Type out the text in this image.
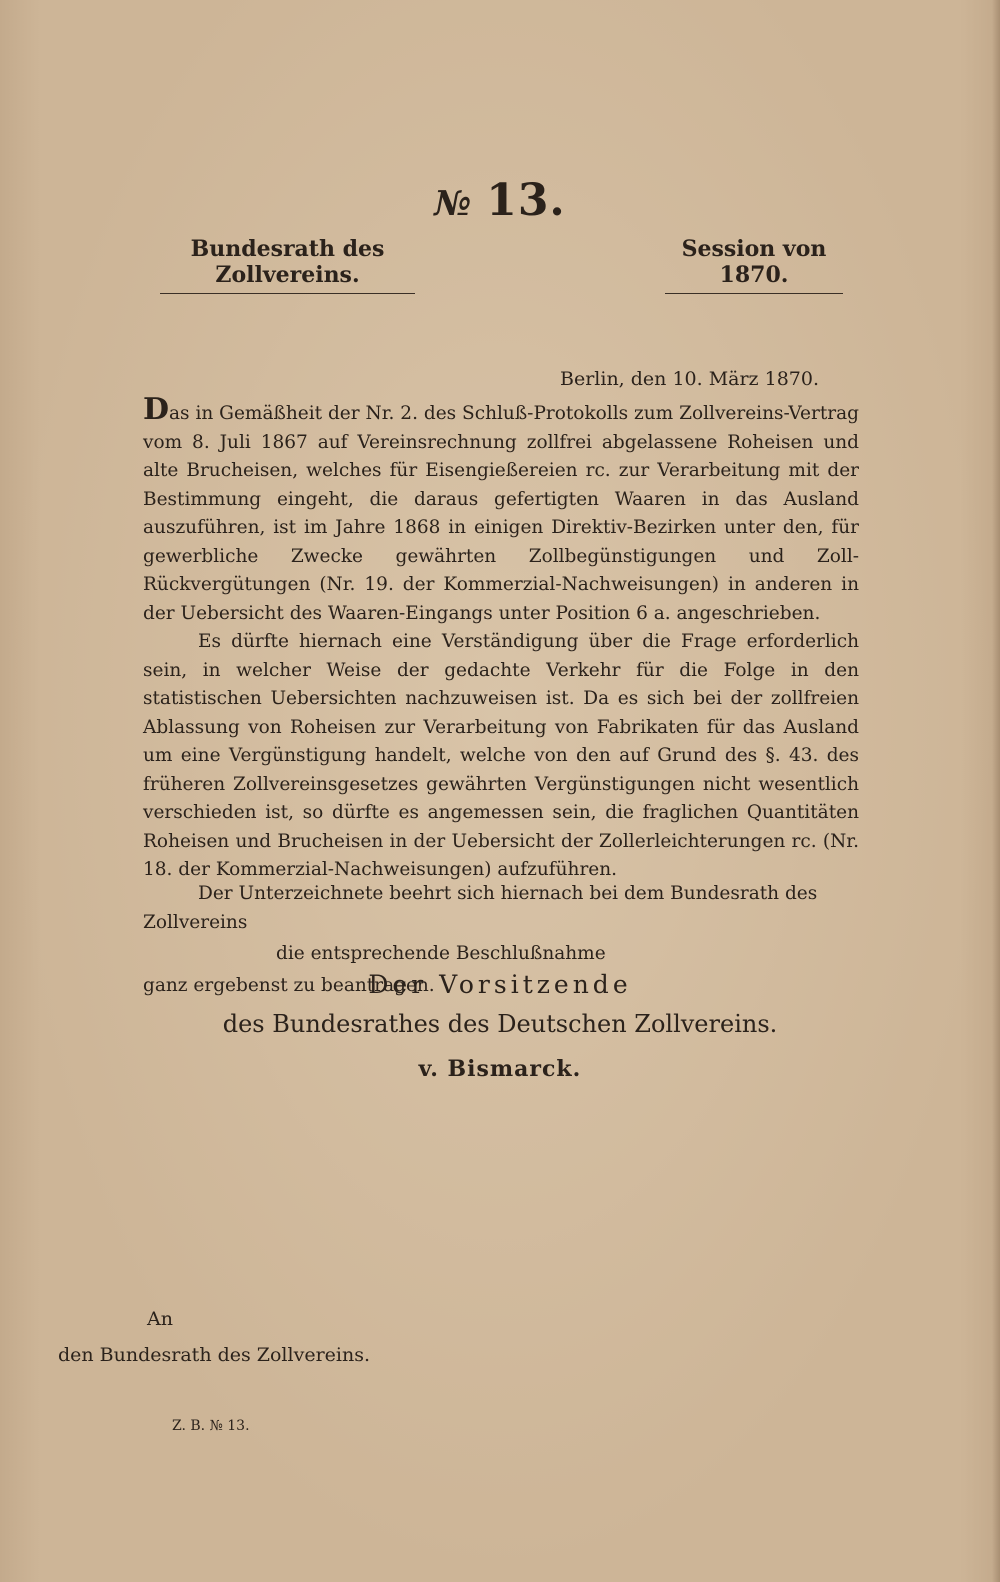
№ 13.
Bundesrath des Zollvereins.
Session von 1870.
Berlin, den 10. März 1870.

Das in Gemäßheit der Nr. 2. des Schluß-Protokolls zum Zollvereins-Vertrag vom 8. Juli 1867 auf Vereinsrechnung zollfrei abgelassene Roheisen und alte Brucheisen, welches für Eisengießereien rc. zur Verarbeitung mit der Bestimmung eingeht, die daraus gefertigten Waaren in das Ausland auszuführen, ist im Jahre 1868 in einigen Direktiv-Bezirken unter den, für gewerbliche Zwecke gewährten Zollbegünstigungen und Zoll-Rückvergütungen (Nr. 19. der Kommerzial-Nachweisungen) in anderen in der Uebersicht des Waaren-Eingangs unter Position 6 a. angeschrieben.

Es dürfte hiernach eine Verständigung über die Frage erforderlich sein, in welcher Weise der gedachte Verkehr für die Folge in den statistischen Uebersichten nachzuweisen ist. Da es sich bei der zollfreien Ablassung von Roheisen zur Verarbeitung von Fabrikaten für das Ausland um eine Vergünstigung handelt, welche von den auf Grund des §. 43. des früheren Zollvereinsgesetzes gewährten Vergünstigungen nicht wesentlich verschieden ist, so dürfte es angemessen sein, die fraglichen Quantitäten Roheisen und Brucheisen in der Uebersicht der Zollerleichterungen rc. (Nr. 18. der Kommerzial-Nachweisungen) aufzuführen.

Der Unterzeichnete beehrt sich hiernach bei dem Bundesrath des Zollvereins
die entsprechende Beschlußnahme
ganz ergebenst zu beantragen.
Der Vorsitzende
des Bundesrathes des Deutschen Zollvereins.
v. Bismarck.
An
den Bundesrath des Zollvereins.
Z. B. № 13.
